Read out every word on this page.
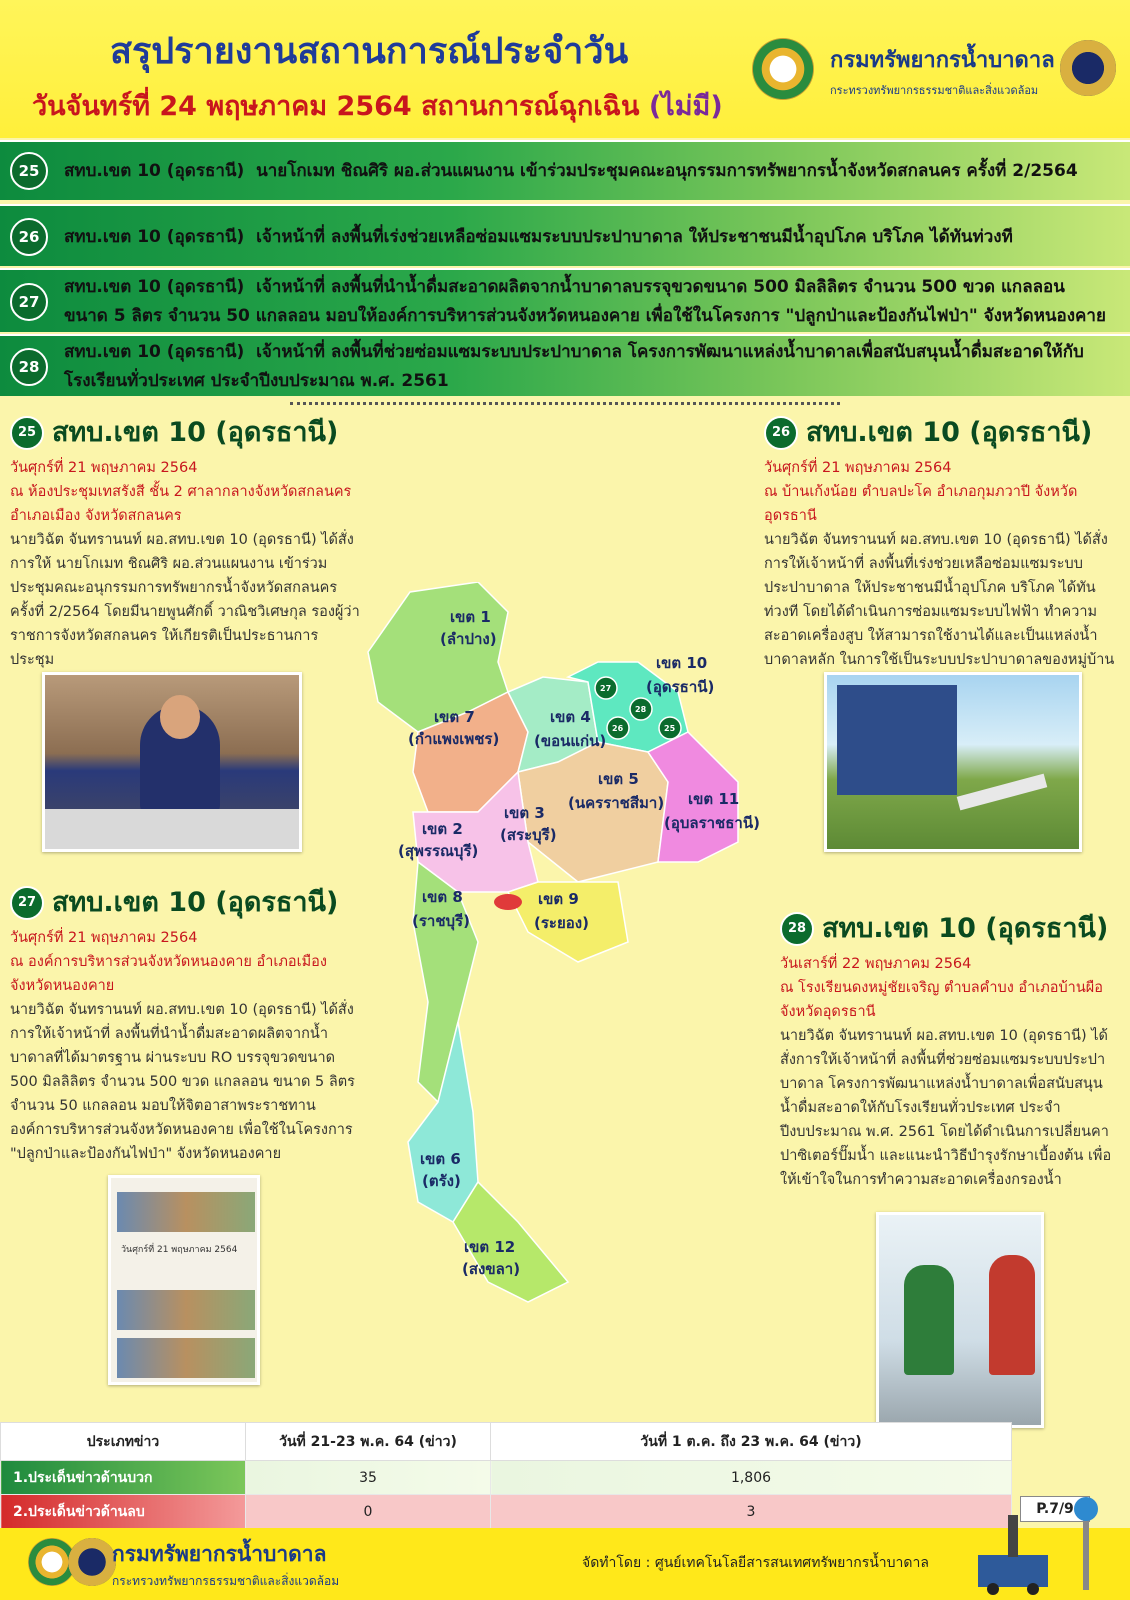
สรุปรายงานสถานการณ์ประจำวัน
วันจันทร์ที่ 24 พฤษภาคม 2564 สถานการณ์ฉุกเฉิน (ไม่มี)
กรมทรัพยากรน้ำบาดาล
กระทรวงทรัพยากรธรรมชาติและสิ่งแวดล้อม
25	สทบ.เขต 10 (อุดรธานี) นายโกเมท ชิณศิริ ผอ.ส่วนแผนงาน เข้าร่วมประชุมคณะอนุกรรมการทรัพยากรน้ำจังหวัดสกลนคร ครั้งที่ 2/2564
26	สทบ.เขต 10 (อุดรธานี) เจ้าหน้าที่ ลงพื้นที่เร่งช่วยเหลือซ่อมแซมระบบประปาบาดาล ให้ประชาชนมีน้ำอุปโภค บริโภค ได้ทันท่วงที
27
สทบ.เขต 10 (อุดรธานี) เจ้าหน้าที่ ลงพื้นที่นำน้ำดื่มสะอาดผลิตจากน้ำบาดาลบรรจุขวดขนาด 500 มิลลิลิตร จำนวน 500 ขวด แกลลอน ขนาด 5 ลิตร จำนวน 50 แกลลอน มอบให้องค์การบริหารส่วนจังหวัดหนองคาย เพื่อใช้ในโครงการ "ปลูกป่าและป้องกันไฟป่า" จังหวัดหนองคาย
28
สทบ.เขต 10 (อุดรธานี) เจ้าหน้าที่ ลงพื้นที่ช่วยซ่อมแซมระบบประปาบาดาล โครงการพัฒนาแหล่งน้ำบาดาลเพื่อสนับสนุนน้ำดื่มสะอาดให้กับโรงเรียนทั่วประเทศ ประจำปีงบประมาณ พ.ศ. 2561
25 สทบ.เขต 10 (อุดรธานี)
วันศุกร์ที่ 21 พฤษภาคม 2564
ณ ห้องประชุมเทสรังสี ชั้น 2 ศาลากลางจังหวัดสกลนคร อำเภอเมือง จังหวัดสกลนคร
นายวิฉัต จันทรานนท์ ผอ.สทบ.เขต 10 (อุดรธานี) ได้สั่งการให้ นายโกเมท ชิณศิริ ผอ.ส่วนแผนงาน เข้าร่วมประชุมคณะอนุกรรมการทรัพยากรน้ำจังหวัดสกลนคร ครั้งที่ 2/2564 โดยมีนายพูนศักดิ์ วาณิชวิเศษกุล รองผู้ว่าราชการจังหวัดสกลนคร ให้เกียรติเป็นประธานการประชุม
26 สทบ.เขต 10 (อุดรธานี)
วันศุกร์ที่ 21 พฤษภาคม 2564
ณ บ้านเก้งน้อย ตำบลปะโค อำเภอกุมภวาปี จังหวัดอุดรธานี
นายวิฉัต จันทรานนท์ ผอ.สทบ.เขต 10 (อุดรธานี) ได้สั่งการให้เจ้าหน้าที่ ลงพื้นที่เร่งช่วยเหลือซ่อมแซมระบบประปาบาดาล ให้ประชาชนมีน้ำอุปโภค บริโภค ได้ทันท่วงที โดยได้ดำเนินการซ่อมแซมระบบไฟฟ้า ทำความสะอาดเครื่องสูบ ให้สามารถใช้งานได้และเป็นแหล่งน้ำบาดาลหลัก ในการใช้เป็นระบบประปาบาดาลของหมู่บ้าน
27 สทบ.เขต 10 (อุดรธานี)
วันศุกร์ที่ 21 พฤษภาคม 2564
ณ องค์การบริหารส่วนจังหวัดหนองคาย อำเภอเมือง จังหวัดหนองคาย
นายวิฉัต จันทรานนท์ ผอ.สทบ.เขต 10 (อุดรธานี) ได้สั่งการให้เจ้าหน้าที่ ลงพื้นที่นำน้ำดื่มสะอาดผลิตจากน้ำบาดาลที่ได้มาตรฐาน ผ่านระบบ RO บรรจุขวดขนาด 500 มิลลิลิตร จำนวน 500 ขวด แกลลอน ขนาด 5 ลิตร จำนวน 50 แกลลอน มอบให้จิตอาสาพระราชทาน องค์การบริหารส่วนจังหวัดหนองคาย เพื่อใช้ในโครงการ "ปลูกป่าและป้องกันไฟป่า" จังหวัดหนองคาย
วันศุกร์ที่ 21 พฤษภาคม 2564
28 สทบ.เขต 10 (อุดรธานี)
วันเสาร์ที่ 22 พฤษภาคม 2564
ณ โรงเรียนดงหมู่ชัยเจริญ ตำบลคำบง อำเภอบ้านผือ จังหวัดอุดรธานี
นายวิฉัต จันทรานนท์ ผอ.สทบ.เขต 10 (อุดรธานี) ได้สั่งการให้เจ้าหน้าที่ ลงพื้นที่ช่วยซ่อมแซมระบบประปาบาดาล โครงการพัฒนาแหล่งน้ำบาดาลเพื่อสนับสนุนน้ำดื่มสะอาดให้กับโรงเรียนทั่วประเทศ ประจำปีงบประมาณ พ.ศ. 2561 โดยได้ดำเนินการเปลี่ยนคาปาซิเตอร์ปั๊มน้ำ และแนะนำวิธีบำรุงรักษาเบื้องต้น เพื่อให้เข้าใจในการทำความสะอาดเครื่องกรองน้ำ
เขต 1
(ลำปาง)
เขต 7
(กำแพงเพชร)
เขต 4
(ขอนแก่น)
เขต 10
(อุดรธานี)
เขต 5
(นครราชสีมา) เขต 11
(อุบลราชธานี)
เขต 3
(สระบุรี)
เขต 2
(สุพรรณบุรี)
เขต 8
(ราชบุรี)
เขต 9
(ระยอง)
เขต 6
(ตรัง)
เขต 12
(สงขลา)
27
28
26	25
ประเภทข่าว	วันที่ 21-23 พ.ค. 64 (ข่าว)	วันที่ 1 ต.ค. ถึง 23 พ.ค. 64 (ข่าว)
1.ประเด็นข่าวด้านบวก	35	1,806
2.ประเด็นข่าวด้านลบ	0	3	P.7/9
กรมทรัพยากรน้ำบาดาล
กระทรวงทรัพยากรธรรมชาติและสิ่งแวดล้อม
จัดทำโดย : ศูนย์เทคโนโลยีสารสนเทศทรัพยากรน้ำบาดาล
